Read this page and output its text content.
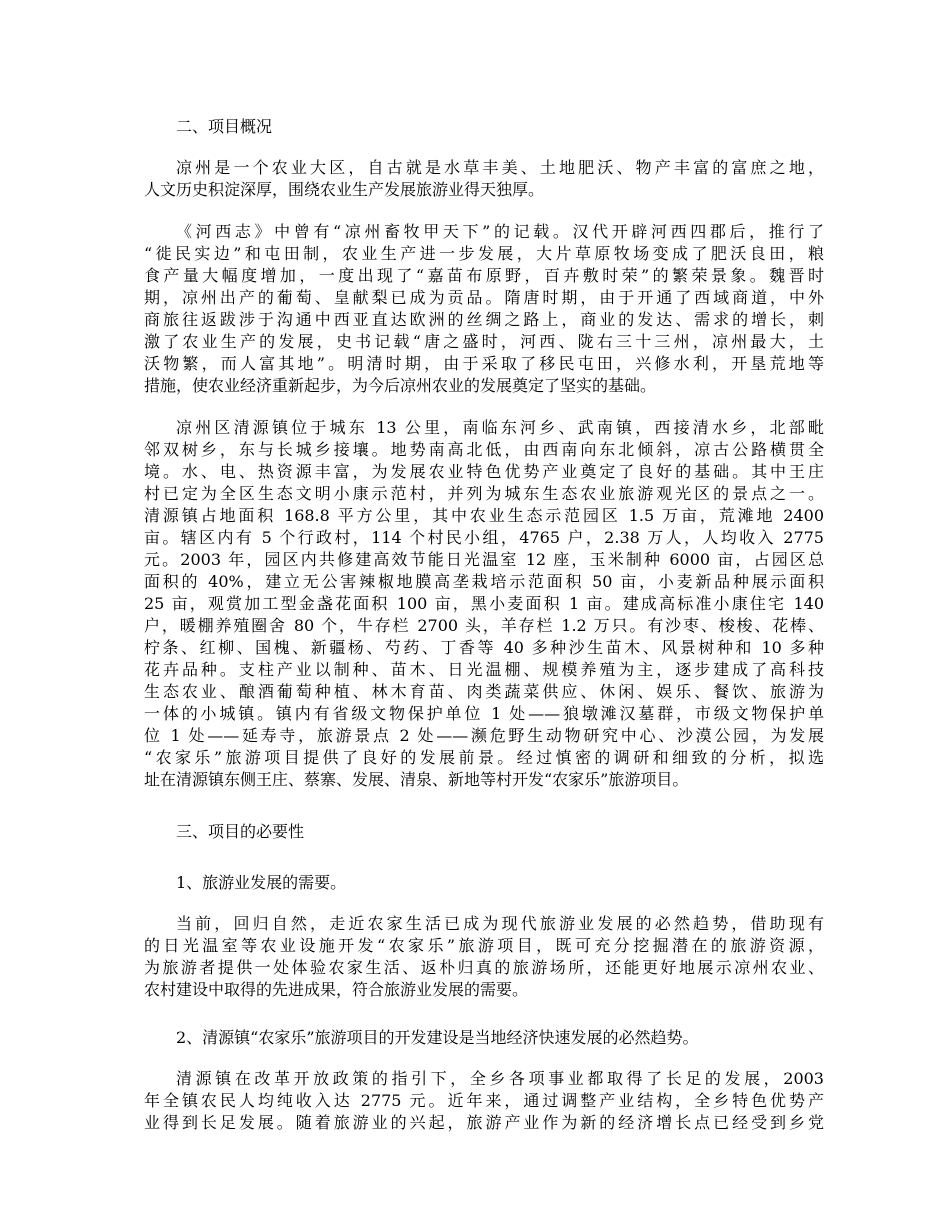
二、项目概况
凉州是一个农业大区，自古就是水草丰美、土地肥沃、物产丰富的富庶之地，
人文历史积淀深厚，围绕农业生产发展旅游业得天独厚。
《河西志》中曾有“凉州畜牧甲天下”的记载。汉代开辟河西四郡后，推行了
“徙民实边”和屯田制，农业生产进一步发展，大片草原牧场变成了肥沃良田，粮
食产量大幅度增加，一度出现了“嘉苗布原野，百卉敷时荣”的繁荣景象。魏晋时
期，凉州出产的葡萄、皇献梨已成为贡品。隋唐时期，由于开通了西域商道，中外
商旅往返跋涉于沟通中西亚直达欧洲的丝绸之路上，商业的发达、需求的增长，刺
激了农业生产的发展，史书记载“唐之盛时，河西、陇右三十三州，凉州最大，土
沃物繁，而人富其地”。明清时期，由于采取了移民屯田，兴修水利，开垦荒地等
措施，使农业经济重新起步，为今后凉州农业的发展奠定了坚实的基础。
凉州区清源镇位于城东 13 公里，南临东河乡、武南镇，西接清水乡，北部毗
邻双树乡，东与长城乡接壤。地势南高北低，由西南向东北倾斜，凉古公路横贯全
境。水、电、热资源丰富，为发展农业特色优势产业奠定了良好的基础。其中王庄
村已定为全区生态文明小康示范村，并列为城东生态农业旅游观光区的景点之一。
清源镇占地面积 168.8 平方公里，其中农业生态示范园区 1.5 万亩，荒滩地 2400
亩。辖区内有 5 个行政村，114 个村民小组，4765 户，2.38 万人，人均收入 2775
元。2003 年，园区内共修建高效节能日光温室 12 座，玉米制种 6000 亩，占园区总
面积的 40%，建立无公害辣椒地膜高垄栽培示范面积 50 亩，小麦新品种展示面积
25 亩，观赏加工型金盏花面积 100 亩，黑小麦面积 1 亩。建成高标准小康住宅 140
户，暖棚养殖圈舍 80 个，牛存栏 2700 头，羊存栏 1.2 万只。有沙枣、梭梭、花棒、
柠条、红柳、国槐、新疆杨、芍药、丁香等 40 多种沙生苗木、风景树种和 10 多种
花卉品种。支柱产业以制种、苗木、日光温棚、规模养殖为主，逐步建成了高科技
生态农业、酿酒葡萄种植、林木育苗、肉类蔬菜供应、休闲、娱乐、餐饮、旅游为
一体的小城镇。镇内有省级文物保护单位 1 处——狼墩滩汉墓群，市级文物保护单
位 1 处——延寿寺，旅游景点 2 处——濒危野生动物研究中心、沙漠公园，为发展
“农家乐”旅游项目提供了良好的发展前景。经过慎密的调研和细致的分析，拟选
址在清源镇东侧王庄、蔡寨、发展、清泉、新地等村开发“农家乐”旅游项目。
三、项目的必要性
1、旅游业发展的需要。
当前，回归自然，走近农家生活已成为现代旅游业发展的必然趋势，借助现有
的日光温室等农业设施开发“农家乐”旅游项目，既可充分挖掘潜在的旅游资源，
为旅游者提供一处体验农家生活、返朴归真的旅游场所，还能更好地展示凉州农业、
农村建设中取得的先进成果，符合旅游业发展的需要。
2、清源镇“农家乐”旅游项目的开发建设是当地经济快速发展的必然趋势。
清源镇在改革开放政策的指引下，全乡各项事业都取得了长足的发展，2003
年全镇农民人均纯收入达 2775 元。近年来，通过调整产业结构，全乡特色优势产
业得到长足发展。随着旅游业的兴起，旅游产业作为新的经济增长点已经受到乡党
